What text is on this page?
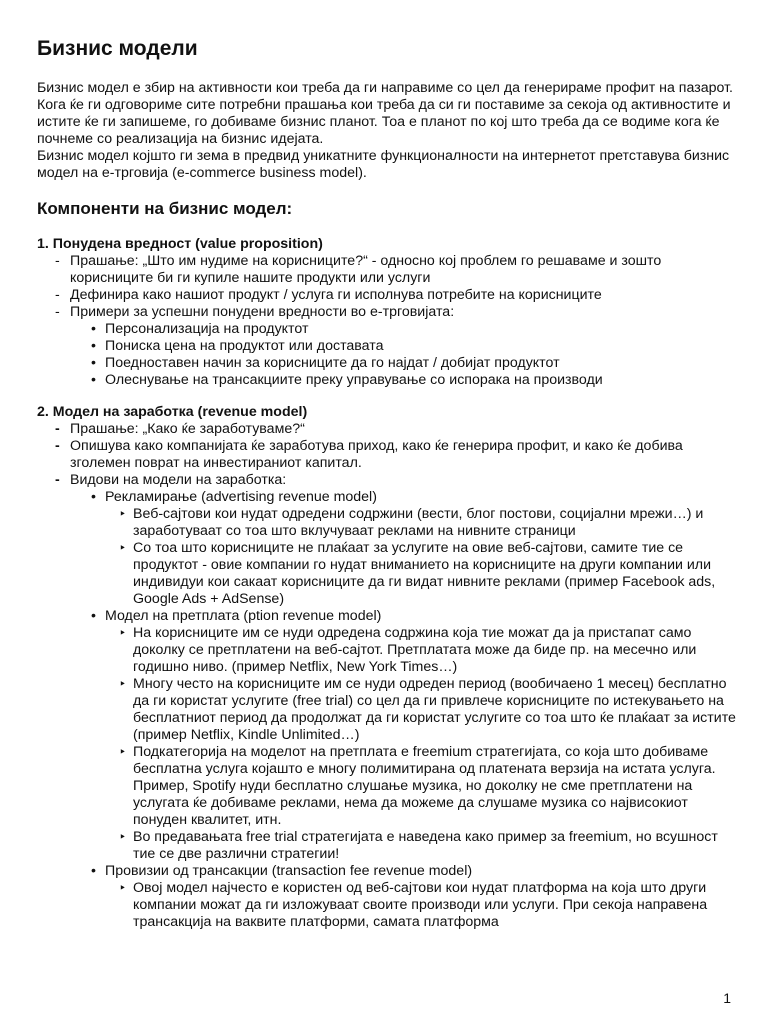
Бизнис модели

Бизнис модел е збир на активности кои треба да ги направиме со цел да генерираме профит на пазарот.

Кога ќе ги одговориме сите потребни прашања кои треба да си ги поставиме за секоја од активностите и истите ќе ги запишеме, го добиваме бизнис планот. Тоа е планот по кој што треба да се водиме кога ќе почнеме со реализација на бизнис идејата.

Бизнис модел којшто ги зема в предвид уникатните функционалности на интернетот претставува бизнис модел на е-трговија (e-commerce business model).

Компоненти на бизнис модел:

1. Понудена вредност (value proposition)

- Прашање: „Што им нудиме на корисниците?“ - односно кој проблем го решаваме и зошто корисниците би ги купиле нашите продукти или услуги
- Дефинира како нашиот продукт / услуга ги исполнува потребите на корисниците
- Примери за успешни понудени вредности во е-трговијата:
• Персонализација на продуктот
• Пониска цена на продуктот или доставата
• Поедноставен начин за корисниците да го најдат / добијат продуктот
• Олеснување на трансакциите преку управување со испорака на производи

2. Модел на заработка (revenue model)

- Прашање: „Како ќе заработуваме?“
- Опишува како компанијата ќе заработува приход, како ќе генерира профит, и како ќе добива зголемен поврат на инвестираниот капитал.
- Видови на модели на заработка:
• Рекламирање (advertising revenue model)
‣ Веб-сајтови кои нудат одредени содржини (вести, блог постови, социјални мрежи…) и заработуваат со тоа што вклучуваат реклами на нивните страници
‣ Со тоа што корисниците не плаќаат за услугите на овие веб-сајтови, самите тие се продуктот - овие компании го нудат вниманието на корисниците на други компании или индивидуи кои сакаат корисниците да ги видат нивните реклами (пример Facebook ads, Google Ads + AdSense)
• Модел на претплата (ption revenue model)
‣ На корисниците им се нуди одредена содржина која тие можат да ја пристапат само доколку се претплатени на веб-сајтот. Претплатата може да биде пр. на месечно или годишно ниво. (пример Netflix, New York Times…)
‣ Многу често на корисниците им се нуди одреден период (вообичаено 1 месец) бесплатно да ги користат услугите (free trial) со цел да ги привлече корисниците по истекувањето на бесплатниот период да продолжат да ги користат услугите со тоа што ќе плаќаат за истите (пример Netflix, Kindle Unlimited…)
‣ Подкатегорија на моделот на претплата е freemium стратегијата, со која што добиваме бесплатна услуга којашто е многу полимитирана од платената верзија на истата услуга. Пример, Spotify нуди бесплатно слушање музика, но доколку не сме претплатени на услугата ќе добиваме реклами, нема да можеме да слушаме музика со највисокиот понуден квалитет, итн.
‣ Во предавањата free trial стратегијата е наведена како пример за freemium, но всушност тие се две различни стратегии!
• Провизии од трансакции (transaction fee revenue model)
‣ Овој модел најчесто е користен од веб-сајтови кои нудат платформа на која што други компании можат да ги изложуваат своите производи или услуги. При секоја направена трансакција на ваквите платформи, самата платформа
1
